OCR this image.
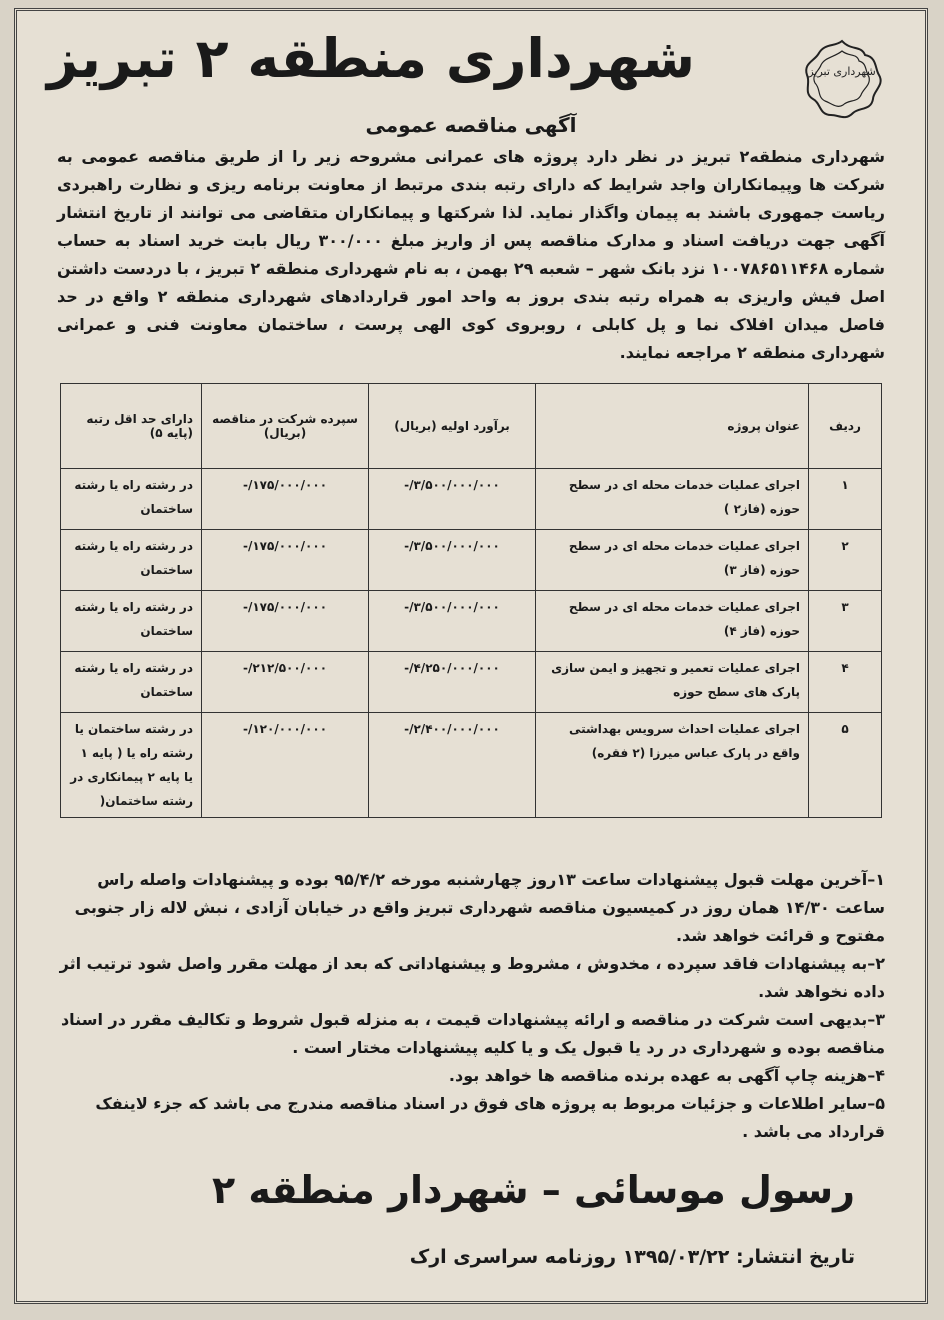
شهرداری تبریز
شهرداری منطقه ۲ تبریز
آگهی مناقصه عمومی
شهرداری منطقه۲ تبریز در نظر دارد پروژه های عمرانی مشروحه زیر را از طریق مناقصه عمومی به شرکت ها وپیمانکاران واجد شرایط که دارای رتبه بندی مرتبط از معاونت برنامه ریزی و نظارت راهبردی ریاست جمهوری باشند به پیمان واگذار نماید. لذا شرکتها و پیمانکاران متقاضی می توانند از تاریخ انتشار آگهی جهت دریافت اسناد و مدارک مناقصه پس از واریز مبلغ ۳۰۰/۰۰۰ ریال بابت خرید اسناد به حساب شماره ۱۰۰۷۸۶۵۱۱۴۶۸ نزد بانک شهر – شعبه ۲۹ بهمن ، به نام شهرداری منطقه ۲ تبریز ، با دردست داشتن اصل فیش واریزی به همراه رتبه بندی بروز به واحد امور قراردادهای شهرداری منطقه ۲ واقع در حد فاصل میدان افلاک نما و پل کابلی ، روبروی کوی الهی پرست ، ساختمان معاونت فنی و عمرانی شهرداری منطقه ۲ مراجعه نمایند.
ردیف	عنوان پروژه	برآورد اولیه (بریال)	سپرده شرکت در مناقصه (بریال)	دارای حد اقل رتبه (پایه ۵)
۱	اجرای عملیات خدمات محله ای در سطح حوزه (فاز۲ )	۳/۵۰۰/۰۰۰/۰۰۰/-	۱۷۵/۰۰۰/۰۰۰/-	در رشته راه یا رشته ساختمان
۲	اجرای عملیات خدمات محله ای در سطح حوزه (فاز ۳)	۳/۵۰۰/۰۰۰/۰۰۰/-	۱۷۵/۰۰۰/۰۰۰/-	در رشته راه یا رشته ساختمان
۳	اجرای عملیات خدمات محله ای در سطح حوزه (فاز ۴)	۳/۵۰۰/۰۰۰/۰۰۰/-	۱۷۵/۰۰۰/۰۰۰/-	در رشته راه یا رشته ساختمان
۴	اجرای عملیات تعمیر و تجهیز و ایمن سازی پارک های سطح حوزه	۴/۲۵۰/۰۰۰/۰۰۰/-	۲۱۲/۵۰۰/۰۰۰/-	در رشته راه یا رشته ساختمان
۵	اجرای عملیات احداث سرویس بهداشتی واقع در پارک عباس میرزا (۲ فقره)	۲/۴۰۰/۰۰۰/۰۰۰/-	۱۲۰/۰۰۰/۰۰۰/-	در رشته ساختمان یا رشته راه یا ( پایه ۱ یا پایه ۲ پیمانکاری در رشته ساختمان(

۱–آخرین مهلت قبول پیشنهادات ساعت ۱۳روز چهارشنبه مورخه ۹۵/۴/۲ بوده و پیشنهادات واصله راس ساعت ۱۴/۳۰ همان روز در کمیسیون مناقصه شهرداری تبریز واقع در خیابان آزادی ، نبش لاله زار جنوبی مفتوح و قرائت خواهد شد.

۲–به پیشنهادات فاقد سپرده ، مخدوش ، مشروط و پیشنهاداتی که بعد از مهلت مقرر واصل شود ترتیب اثر داده نخواهد شد.

۳–بدیهی است شرکت در مناقصه و ارائه پیشنهادات قیمت ، به منزله قبول شروط و تکالیف مقرر در اسناد مناقصه بوده و شهرداری در رد یا قبول یک و یا کلیه پیشنهادات مختار است .

۴–هزینه چاپ آگهی به عهده برنده مناقصه ها خواهد بود.

۵–سایر اطلاعات و جزئیات مربوط به پروژه های فوق در اسناد مناقصه مندرج می باشد که جزء لاینفک قرارداد می باشد .

رسول موسائی – شهردار منطقه ۲
تاریخ انتشار: ۱۳۹۵/۰۳/۲۲ روزنامه سراسری ارک
